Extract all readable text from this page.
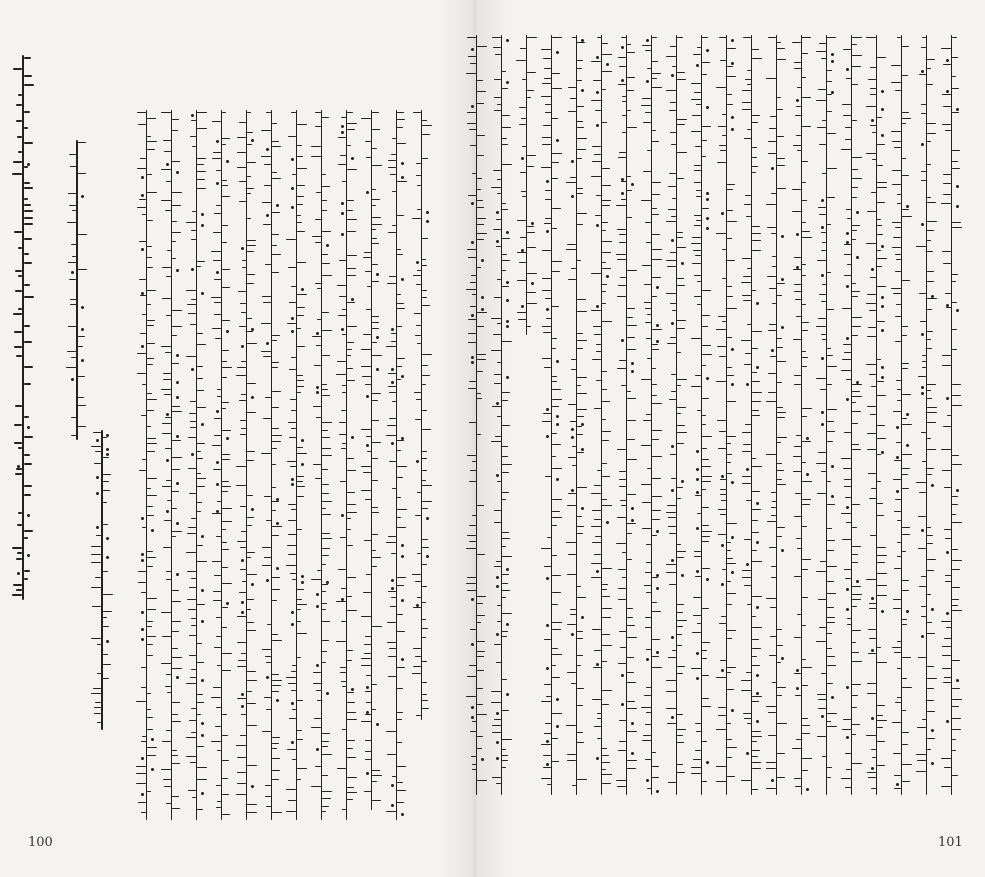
100	101
